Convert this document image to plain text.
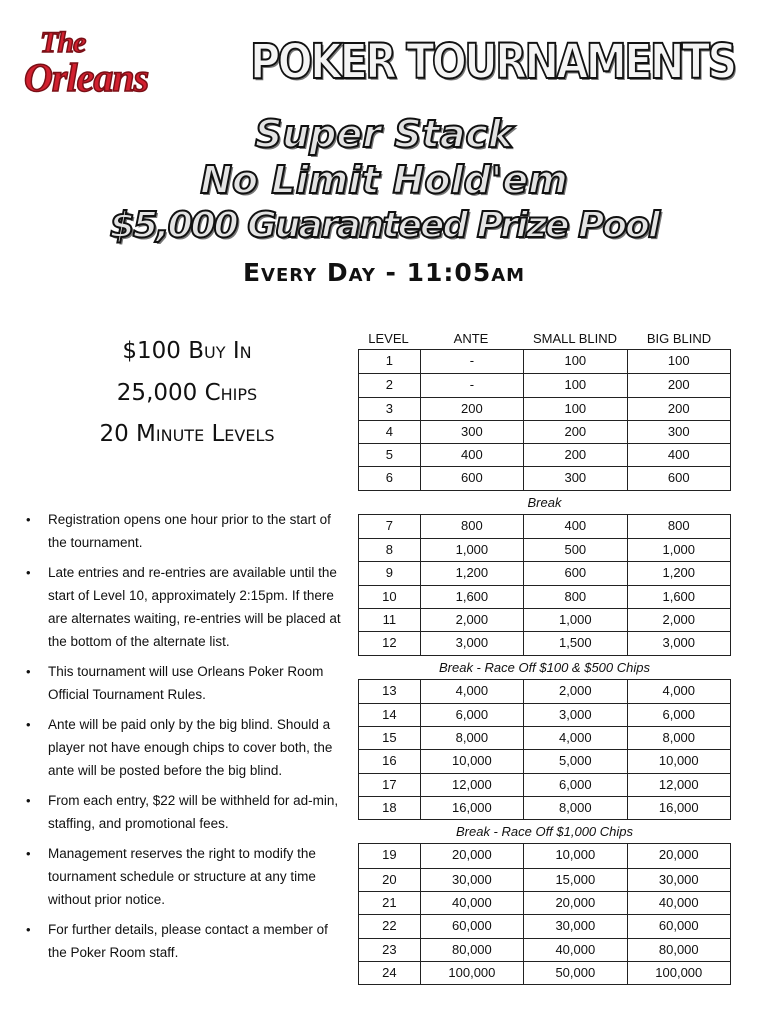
The
Orleans POKER TOURNAMENTS
Super Stack
No Limit Hold'em
$5,000 Guaranteed Prize Pool
Every Day - 11:05am
$100 Buy In
25,000 Chips
20 Minute Levels
• Registration opens one hour prior to the start of the tournament.
• Late entries and re-entries are available until the start of Level 10, approximately 2:15pm. If there are alternates waiting, re-entries will be placed at the bottom of the alternate list.
• This tournament will use Orleans Poker Room Official Tournament Rules.
• Ante will be paid only by the big blind. Should a player not have enough chips to cover both, the ante will be posted before the big blind.
• From each entry, $22 will be withheld for ad-min, staffing, and promotional fees.
• Management reserves the right to modify the tournament schedule or structure at any time without prior notice.
• For further details, please contact a member of the Poker Room staff.
LEVEL	ANTE	SMALL BLIND	BIG BLIND
1	-	100	100
2	-	100	200
3	200	100	200
4	300	200	300
5	400	200	400
6	600	300	600
Break
7	800	400	800
8	1,000	500	1,000
9	1,200	600	1,200
10	1,600	800	1,600
11	2,000	1,000	2,000
12	3,000	1,500	3,000
Break - Race Off $100 & $500 Chips
13	4,000	2,000	4,000
14	6,000	3,000	6,000
15	8,000	4,000	8,000
16	10,000	5,000	10,000
17	12,000	6,000	12,000
18	16,000	8,000	16,000
Break - Race Off $1,000 Chips
19	20,000	10,000	20,000
20	30,000	15,000	30,000
21	40,000	20,000	40,000
22	60,000	30,000	60,000
23	80,000	40,000	80,000
24	100,000	50,000	100,000
